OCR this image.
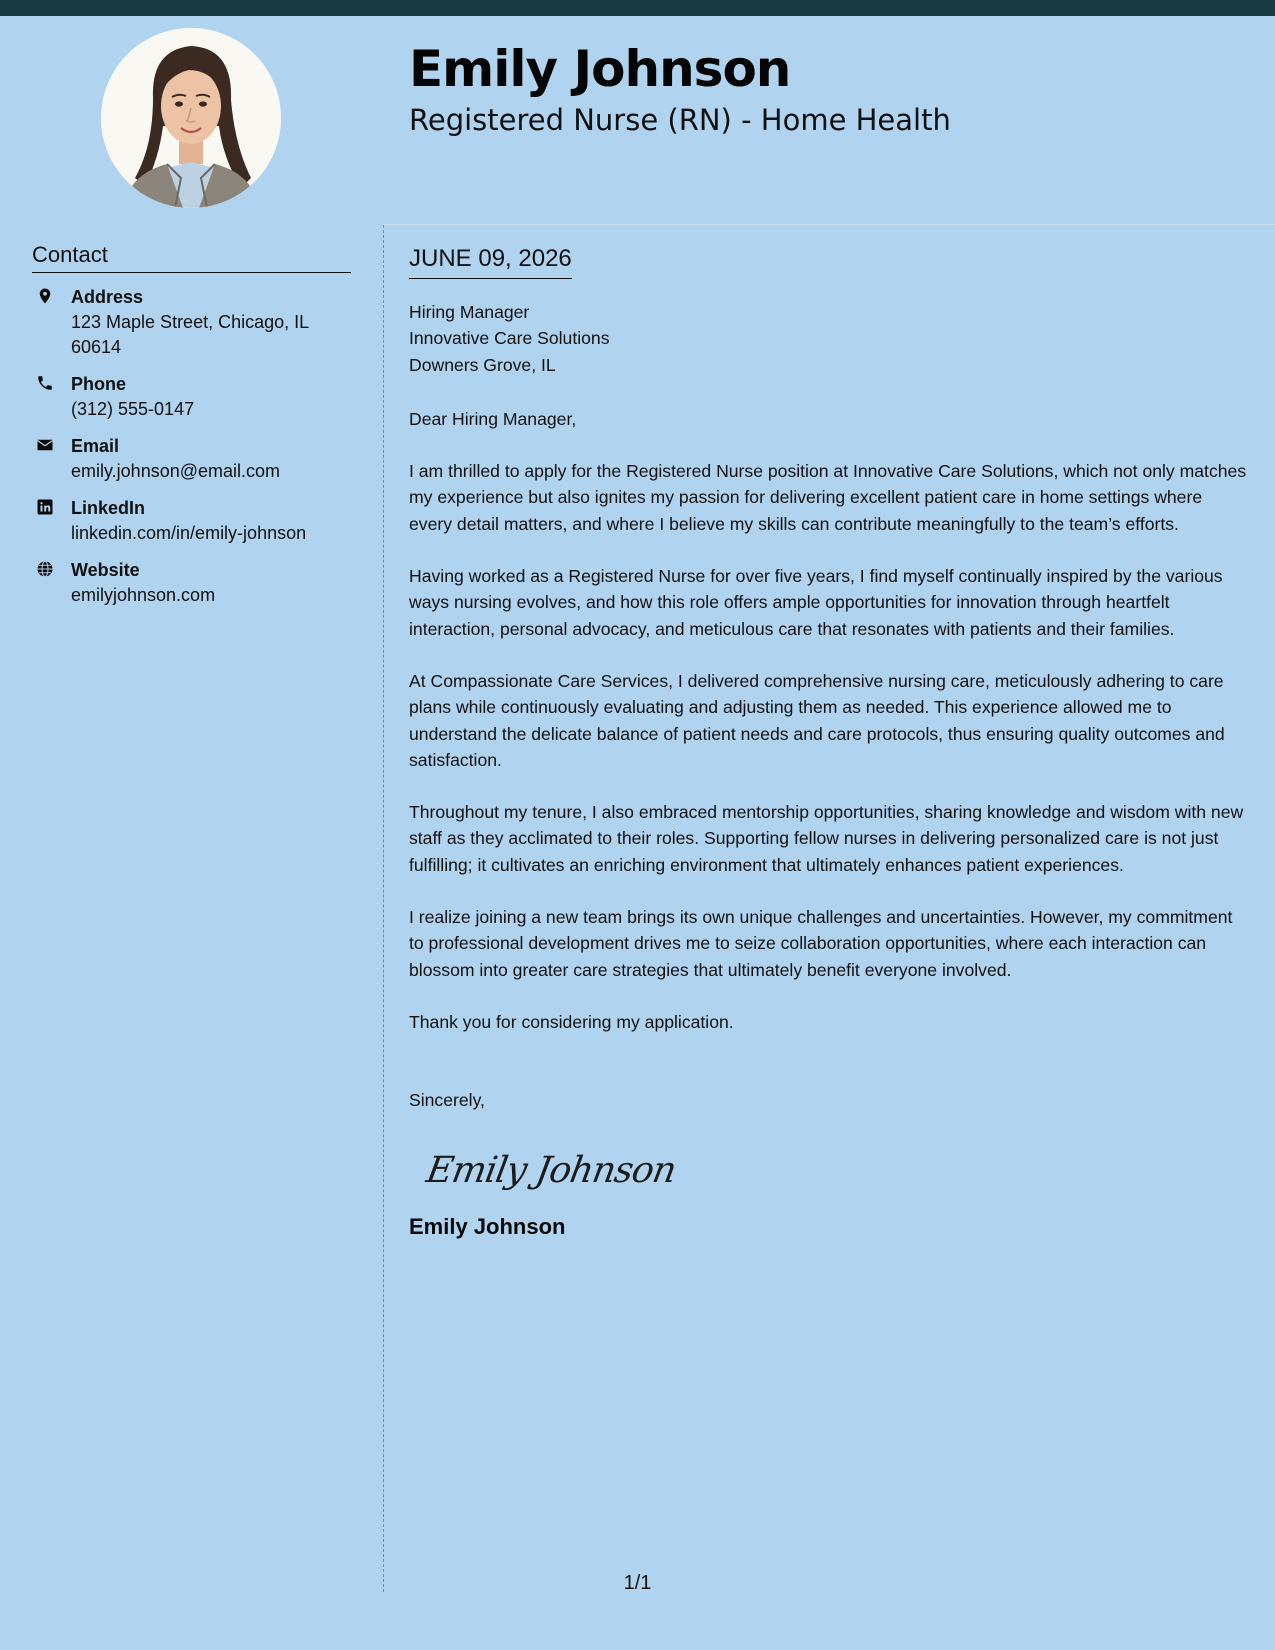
Emily Johnson
Registered Nurse (RN) - Home Health
Contact
Address
123 Maple Street, Chicago, IL 60614
Phone
(312) 555-0147
Email
emily.johnson@email.com
LinkedIn
linkedin.com/in/emily-johnson
Website
emilyjohnson.com
JUNE 09, 2026
Hiring Manager
Innovative Care Solutions
Downers Grove, IL
Dear Hiring Manager,
I am thrilled to apply for the Registered Nurse position at Innovative Care Solutions, which not only matches my experience but also ignites my passion for delivering excellent patient care in home settings where every detail matters, and where I believe my skills can contribute meaningfully to the team’s efforts.
Having worked as a Registered Nurse for over five years, I find myself continually inspired by the various ways nursing evolves, and how this role offers ample opportunities for innovation through heartfelt interaction, personal advocacy, and meticulous care that resonates with patients and their families.
At Compassionate Care Services, I delivered comprehensive nursing care, meticulously adhering to care plans while continuously evaluating and adjusting them as needed. This experience allowed me to understand the delicate balance of patient needs and care protocols, thus ensuring quality outcomes and satisfaction.
Throughout my tenure, I also embraced mentorship opportunities, sharing knowledge and wisdom with new staff as they acclimated to their roles. Supporting fellow nurses in delivering personalized care is not just fulfilling; it cultivates an enriching environment that ultimately enhances patient experiences.
I realize joining a new team brings its own unique challenges and uncertainties. However, my commitment to professional development drives me to seize collaboration opportunities, where each interaction can blossom into greater care strategies that ultimately benefit everyone involved.
Thank you for considering my application.
Sincerely,
Emily Johnson
Emily Johnson
1/1
